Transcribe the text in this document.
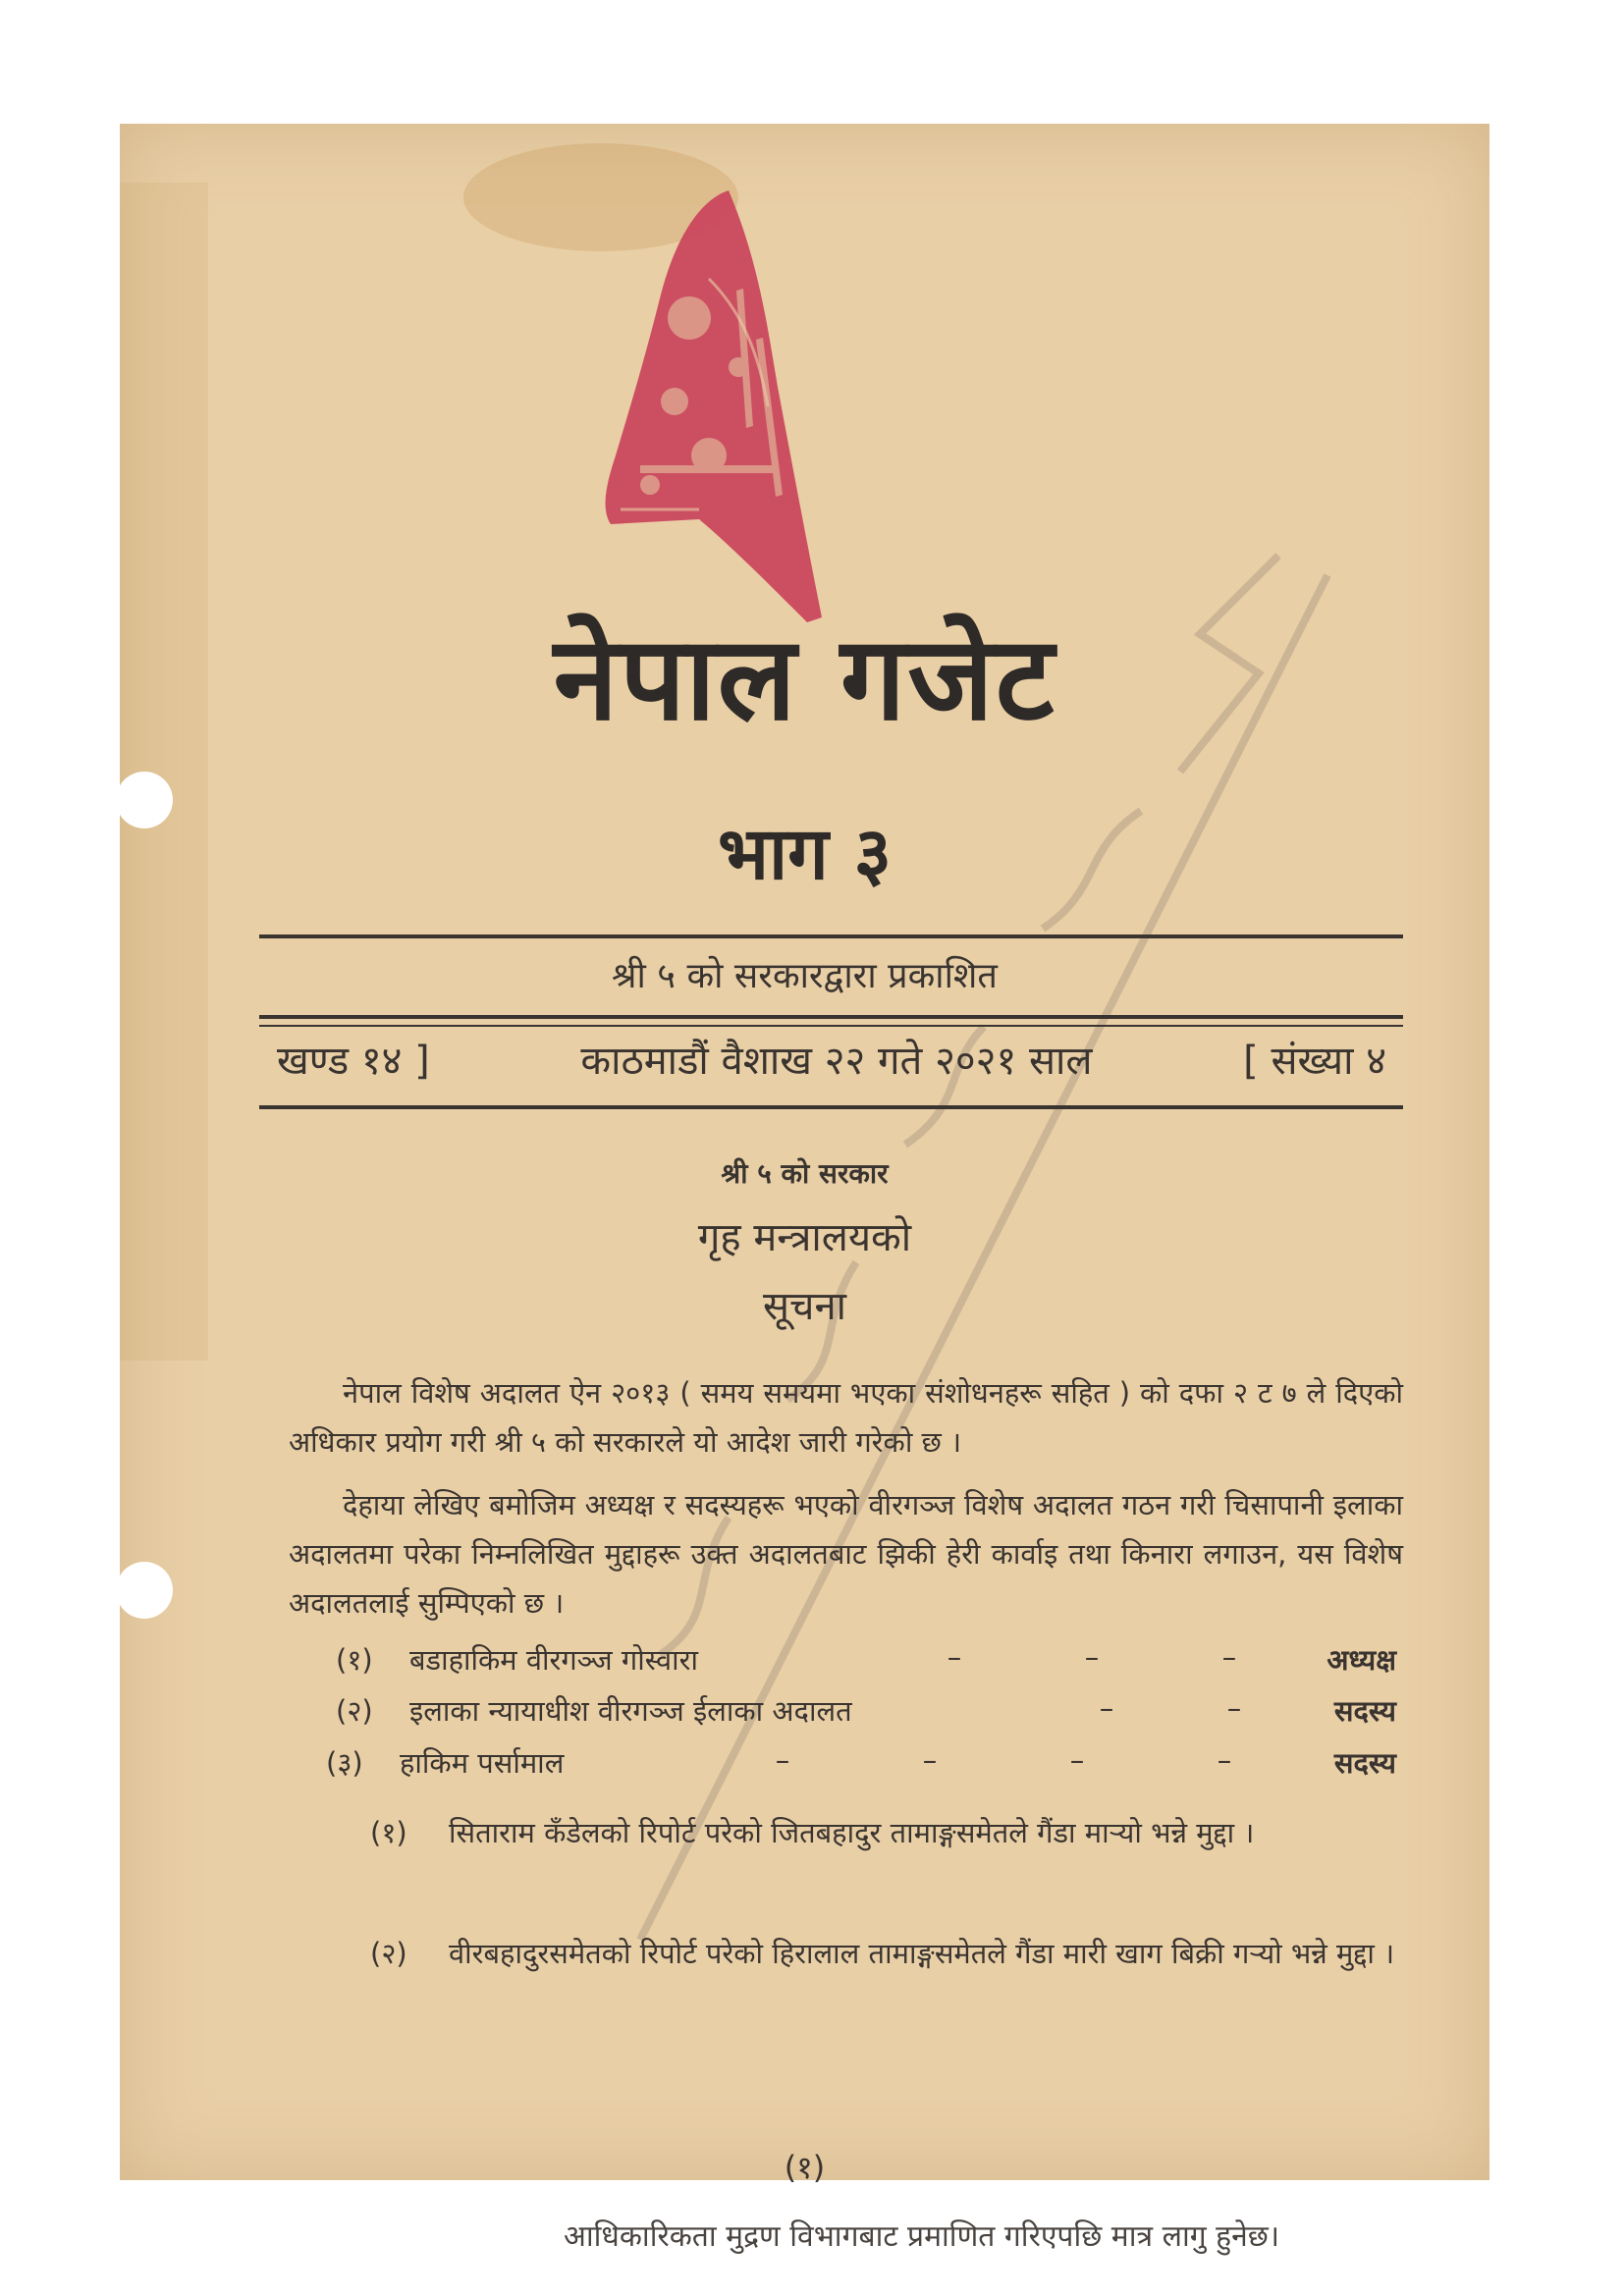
नेपाल गजेट
भाग ३
श्री ५ को सरकारद्वारा प्रकाशित
खण्ड १४ ]	काठमाडौं वैशाख २२ गते २०२१ साल	[ संख्या ४
श्री ५ को सरकार
गृह मन्त्रालयको
सूचना
नेपाल विशेष अदालत ऐन २०१३ ( समय समयमा भएका संशोधनहरू सहित ) को दफा २ ट ७ ले दिएको अधिकार प्रयोग गरी श्री ५ को सरकारले यो आदेश जारी गरेको छ ।
देहाया लेखिए बमोजिम अध्यक्ष र सदस्यहरू भएको वीरगञ्ज विशेष अदालत गठन गरी चिसापानी इलाका अदालतमा परेका निम्नलिखित मुद्दाहरू उक्त अदालतबाट झिकी हेरी कार्वाइ तथा किनारा लगाउन, यस विशेष अदालतलाई सुम्पिएको छ ।
(१) बडाहाकिम वीरगञ्ज गोस्वारा	–	–	–	अध्यक्ष
(२) इलाका न्यायाधीश वीरगञ्ज ईलाका अदालत	–	–	सदस्य
(३) हाकिम पर्सामाल	–	–	–	–	सदस्य
(१) सिताराम कँडेलको रिपोर्ट परेको जितबहादुर तामाङ्गसमेतले गैंडा मार्‍यो भन्ने मुद्दा ।
(२) वीरबहादुरसमेतको रिपोर्ट परेको हिरालाल तामाङ्गसमेतले गैंडा मारी खाग बिक्री गर्‍यो भन्ने मुद्दा ।
(१)
आधिकारिकता मुद्रण विभागबाट प्रमाणित गरिएपछि मात्र लागु हुनेछ।
